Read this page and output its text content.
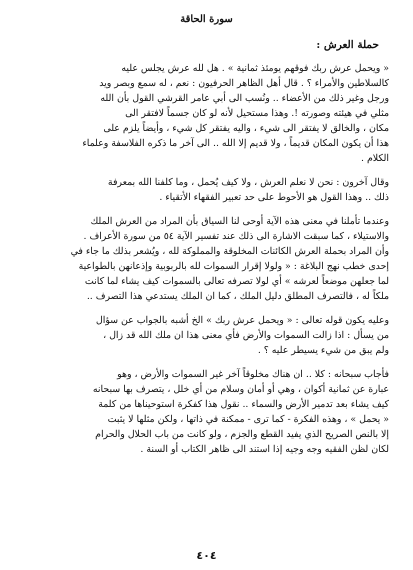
سورة الحاقة
حملة العرش :
« ويحمل عرش ربك فوقهم يومئذ ثمانية » . هل لله عرش يجلس عليه
كالسلاطين والأمراء ؟ . قال أهل الظاهر الحرفيون : نعم ، له سمع وبصر ويد
ورجل وغير ذلك من الأعضاء .. ونُسب الى أبي عامر القرشي القول بأن الله
مثلي في هيئته وصورته !. وهذا مستحيل لأنه لو كان جسماً لافتقر الى
مكان ، والخالق لا يفتقر الى شيء ، واليه يفتقر كل شيء ، وأيضاً يلزم على
هذا أن يكون المكان قديماً ، ولا قديم إلا الله .. الى آخر ما ذكره الفلاسفة وعلماء
الكلام .
وقال آخرون : نحن لا نعلم العرش ، ولا كيف يُحمل ، وما كلفنا الله بمعرفة
ذلك .. وهذا القول هو الأحوط على حد تعبير الفقهاء الأتقياء .
وعندما تأملنا في معنى هذه الآية أوحى لنا السياق بأن المراد من العرش الملك
والاستيلاء ، كما سبقت الاشارة الى ذلك عند تفسير الآية ٥٤ من سورة الأعراف .
وأن المراد بحملة العرش الكائنات المخلوقة والمملوكة لله ، ويُشعر بذلك ما جاء في
إحدى خطب نهج البلاغة : « ولولا إقرار السموات لله بالربوبية وإذعانهن بالطواعية
لما جعلهن موضعاً لعرشه » أي لولا تصرفه تعالى بالسموات كيف يشاء لما كانت
ملكاً له ، فالتصرف المطلق دليل الملك ، كما ان الملك يستدعي هذا التصرف ..
وعليه يكون قوله تعالى : « ويحمل عرش ربك » الخ أشبه بالجواب عن سؤال
من يسأل : اذا زالت السموات والأرض فأي معنى هذا ان ملك الله قد زال ،
ولم يبق من شيء يسيطر عليه ؟ .
فأجاب سبحانه : كلا .. ان هناك مخلوقاً آخر غير السموات والأرض ، وهو
عبارة عن ثمانية أكوان ، وهي أو أمان وسلام من أي خلل ، يتصرف بها سبحانه
كيف يشاء بعد تدمير الأرض والسماء .. نقول هذا كفكرة استوحيناها من كلمة
« يحمل » ، وهذه الفكرة - كما ترى - ممكنة في ذاتها ، ولكن مثلها لا يثبت
إلا بالنص الصريح الذي يفيد القطع والجزم ، ولو كانت من باب الحلال والحرام
لكان لظن الفقيه وجه وجيه إذا استند الى ظاهر الكتاب أو السنة .
٤٠٤
